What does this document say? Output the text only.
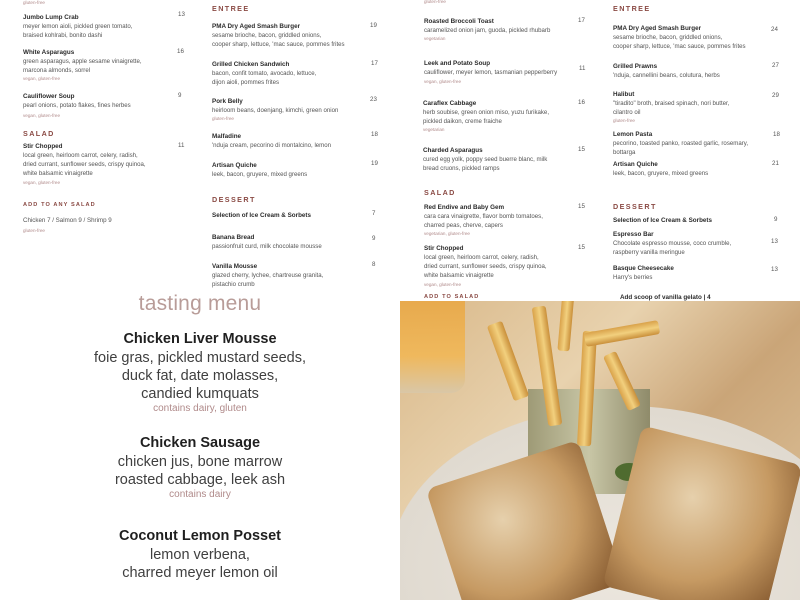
gluten-free
Jumbo Lump Crab
meyer lemon aioli, pickled green tomato,
braised kohlrabi, bonito dashi
13
White Asparagus
green asparagus, apple sesame vinaigrette,
marcona almonds, sorrel
vegan, gluten-free
16
Cauliflower Soup
pearl onions, potato flakes, fines herbes
vegan, gluten-free
9
SALAD
Stir Chopped
local green, heirloom carrot, celery, radish,
dried currant, sunflower seeds, crispy quinoa,
white balsamic vinaigrette
vegan, gluten-free
11
ADD TO ANY SALAD
Chicken 7 / Salmon 9 / Shrimp 9
gluten-free
ENTREE
PMA Dry Aged Smash Burger
sesame brioche, bacon, griddled onions,
cooper sharp, lettuce, 'mac sauce, pommes frites
19
Grilled Chicken Sandwich
bacon, confit tomato, avocado, lettuce,
dijon aioli, pommes frites
17
Pork Belly
heirloom beans, doenjang, kimchi, green onion
gluten-free
23
Malfadine
'nduja cream, pecorino di montalcino, lemon
18
Artisan Quiche
leek, bacon, gruyere, mixed greens
19
DESSERT
Selection of Ice Cream & Sorbets	7
Banana Bread
passionfruit curd, milk chocolate mousse
9
Vanilla Mousse
glazed cherry, lychee, chartreuse granita,
pistachio crumb
8
gluten-free
Roasted Broccoli Toast
caramelized onion jam, guoda, pickled rhubarb
vegetarian
17
Leek and Potato Soup
cauliflower, meyer lemon, tasmanian pepperberry
vegan, gluten-free
11
Caraflex Cabbage
herb soubise, green onion miso, yuzu furikake,
pickled daikon, creme fraiche
vegetarian
16
Charded Asparagus
cured egg yolk, poppy seed buerre blanc, milk
bread cruons, pickled ramps
15
SALAD
Red Endive and Baby Gem
cara cara vinaigrette, flavor bomb tomatoes,
charred peas, cherve, capers
vegetarian, gluten-free
15
Stir Chopped
local green, heirloom carrot, celery, radish,
dried currant, sunflower seeds, crispy quinoa,
white balsamic vinaigrette
vegan, gluten-free
15
ADD TO SALAD
ENTREE
PMA Dry Aged Smash Burger
sesame brioche, bacon, griddled onions,
cooper sharp, lettuce, 'mac sauce, pommes frites
24
Grilled Prawns
'nduja, cannellini beans, colutura, herbs
27
Halibut
"tiradito" broth, braised spinach, nori butter,
cilantro oil
gluten-free
29
Lemon Pasta
pecorino, toasted panko, roasted garlic, rosemary,
bottarga
18
Artisan Quiche
leek, bacon, gruyere, mixed greens
21
DESSERT
Selection of Ice Cream & Sorbets	9
Espresso Bar
Chocolate espresso mousse, coco crumble,
raspberry vanilla meringue
13
Basque Cheesecake
Harry's berries
13
Add scoop of vanilla gelato | 4
tasting menu
Chicken Liver Mousse
foie gras, pickled mustard seeds,
duck fat, date molasses,
candied kumquats
contains dairy, gluten
Chicken Sausage
chicken jus, bone marrow
roasted cabbage, leek ash
contains dairy
Coconut Lemon Posset
lemon verbena,
charred meyer lemon oil
